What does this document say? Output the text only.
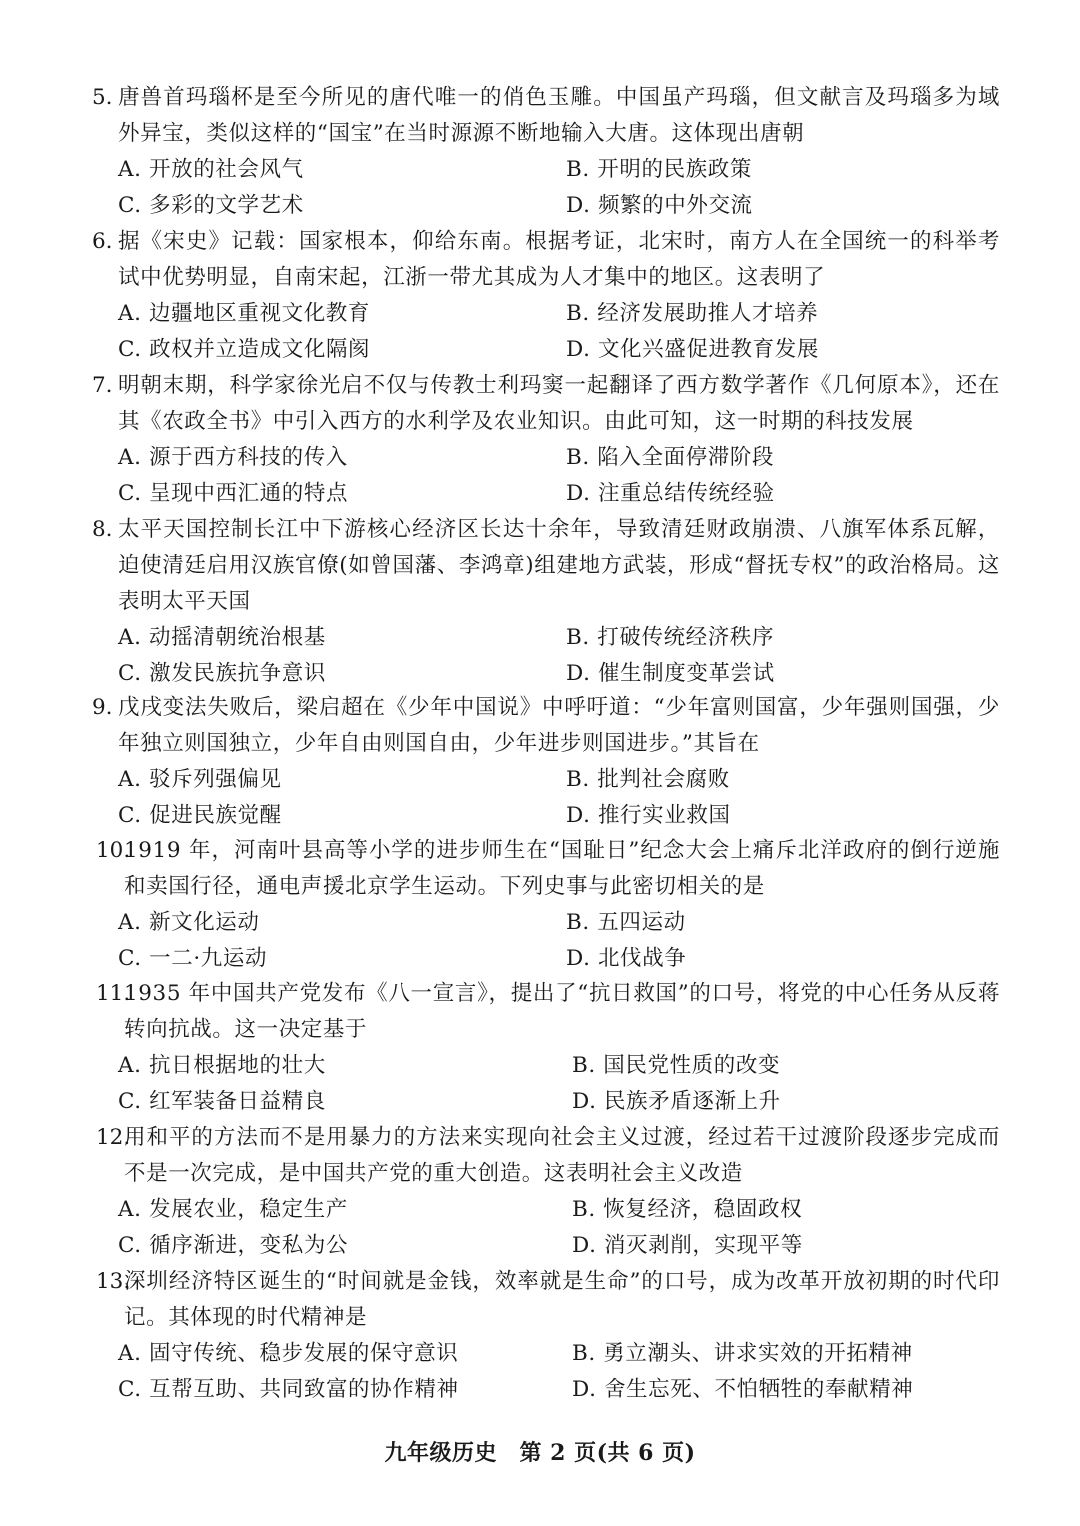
5. 唐兽首玛瑙杯是至今所见的唐代唯一的俏色玉雕。中国虽产玛瑙，但文献言及玛瑙多为域外异宝，类似这样的“国宝”在当时源源不断地输入大唐。这体现出唐朝
A. 开放的社会风气	B. 开明的民族政策
C. 多彩的文学艺术	D. 频繁的中外交流
6. 据《宋史》记载：国家根本，仰给东南。根据考证，北宋时，南方人在全国统一的科举考试中优势明显，自南宋起，江浙一带尤其成为人才集中的地区。这表明了
A. 边疆地区重视文化教育	B. 经济发展助推人才培养
C. 政权并立造成文化隔阂	D. 文化兴盛促进教育发展
7. 明朝末期，科学家徐光启不仅与传教士利玛窦一起翻译了西方数学著作《几何原本》，还在其《农政全书》中引入西方的水利学及农业知识。由此可知，这一时期的科技发展
A. 源于西方科技的传入	B. 陷入全面停滞阶段
C. 呈现中西汇通的特点	D. 注重总结传统经验
8. 太平天国控制长江中下游核心经济区长达十余年，导致清廷财政崩溃、八旗军体系瓦解，迫使清廷启用汉族官僚(如曾国藩、李鸿章)组建地方武装，形成“督抚专权”的政治格局。这表明太平天国
A. 动摇清朝统治根基	B. 打破传统经济秩序
C. 激发民族抗争意识	D. 催生制度变革尝试
9. 戊戌变法失败后，梁启超在《少年中国说》中呼吁道：“少年富则国富，少年强则国强，少年独立则国独立，少年自由则国自由，少年进步则国进步。”其旨在
A. 驳斥列强偏见	B. 批判社会腐败
C. 促进民族觉醒	D. 推行实业救国
10.
1919 年，河南叶县高等小学的进步师生在“国耻日”纪念大会上痛斥北洋政府的倒行逆施和卖国行径，通电声援北京学生运动。下列史事与此密切相关的是
A. 新文化运动	B. 五四运动
C. 一二·九运动	D. 北伐战争
11.
1935 年中国共产党发布《八一宣言》，提出了“抗日救国”的口号，将党的中心任务从反蒋转向抗战。这一决定基于
A. 抗日根据地的壮大	B. 国民党性质的改变
C. 红军装备日益精良	D. 民族矛盾逐渐上升
12.
用和平的方法而不是用暴力的方法来实现向社会主义过渡，经过若干过渡阶段逐步完成而不是一次完成，是中国共产党的重大创造。这表明社会主义改造
A. 发展农业，稳定生产	B. 恢复经济，稳固政权
C. 循序渐进，变私为公	D. 消灭剥削，实现平等
13.
深圳经济特区诞生的“时间就是金钱，效率就是生命”的口号，成为改革开放初期的时代印记。其体现的时代精神是
A. 固守传统、稳步发展的保守意识	B. 勇立潮头、讲求实效的开拓精神
C. 互帮互助、共同致富的协作精神	D. 舍生忘死、不怕牺牲的奉献精神
九年级历史　第 2 页(共 6 页)
